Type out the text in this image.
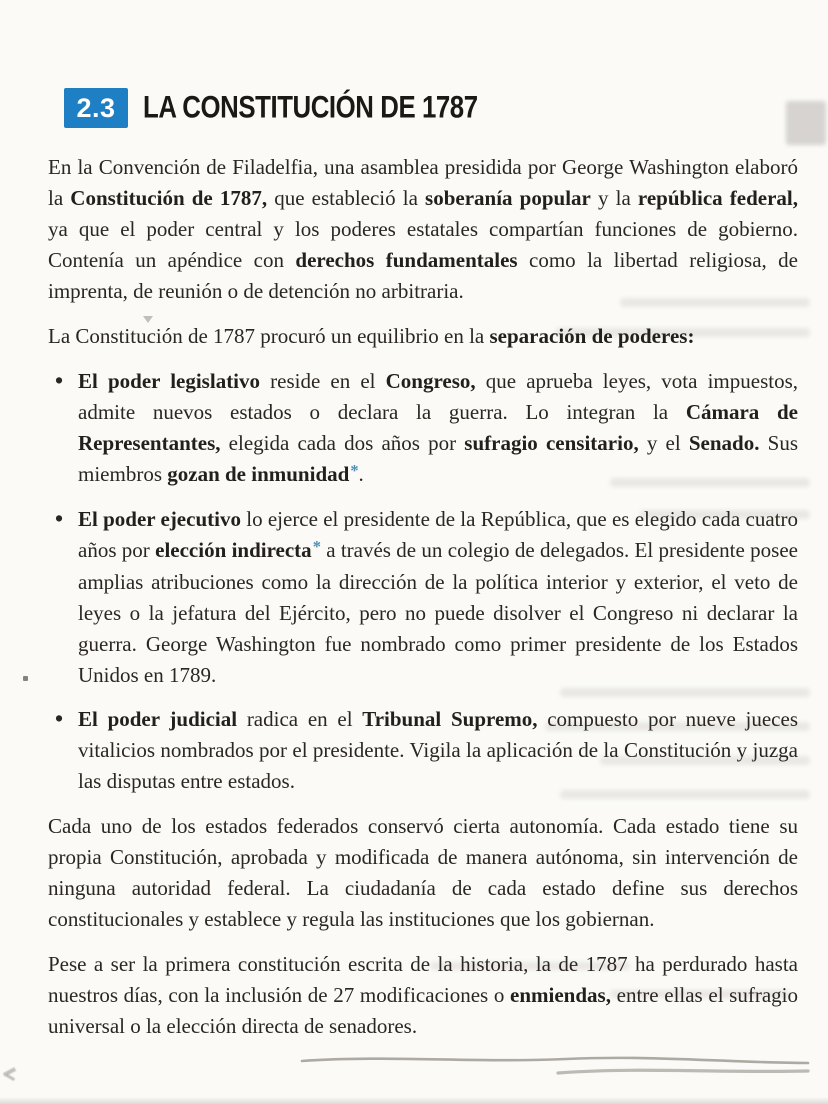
2.3 LA CONSTITUCIÓN DE 1787

En la Convención de Filadelfia, una asamblea presidida por George Washington elaboró la Constitución de 1787, que estableció la soberanía popular y la república federal, ya que el poder central y los poderes estatales compartían funciones de gobierno. Contenía un apéndice con derechos fundamentales como la libertad religiosa, de imprenta, de reunión o de detención no arbitraria.

La Constitución de 1787 procuró un equilibrio en la separación de poderes:

• El poder legislativo reside en el Congreso, que aprueba leyes, vota impuestos, admite nuevos estados o declara la guerra. Lo integran la Cámara de Representantes, elegida cada dos años por sufragio censitario, y el Senado. Sus miembros gozan de inmunidad*.
• El poder ejecutivo lo ejerce el presidente de la República, que es elegido cada cuatro años por elección indirecta* a través de un colegio de delegados. El presidente posee amplias atribuciones como la dirección de la política interior y exterior, el veto de leyes o la jefatura del Ejército, pero no puede disolver el Congreso ni declarar la guerra. George Washington fue nombrado como primer presidente de los Estados Unidos en 1789.
• El poder judicial radica en el Tribunal Supremo, compuesto por nueve jueces vitalicios nombrados por el presidente. Vigila la aplicación de la Constitución y juzga las disputas entre estados.

Cada uno de los estados federados conservó cierta autonomía. Cada estado tiene su propia Constitución, aprobada y modificada de manera autónoma, sin intervención de ninguna autoridad federal. La ciudadanía de cada estado define sus derechos constitucionales y establece y regula las instituciones que los gobiernan.

Pese a ser la primera constitución escrita de la historia, la de 1787 ha perdurado hasta nuestros días, con la inclusión de 27 modificaciones o enmiendas, entre ellas el sufragio universal o la elección directa de senadores.
